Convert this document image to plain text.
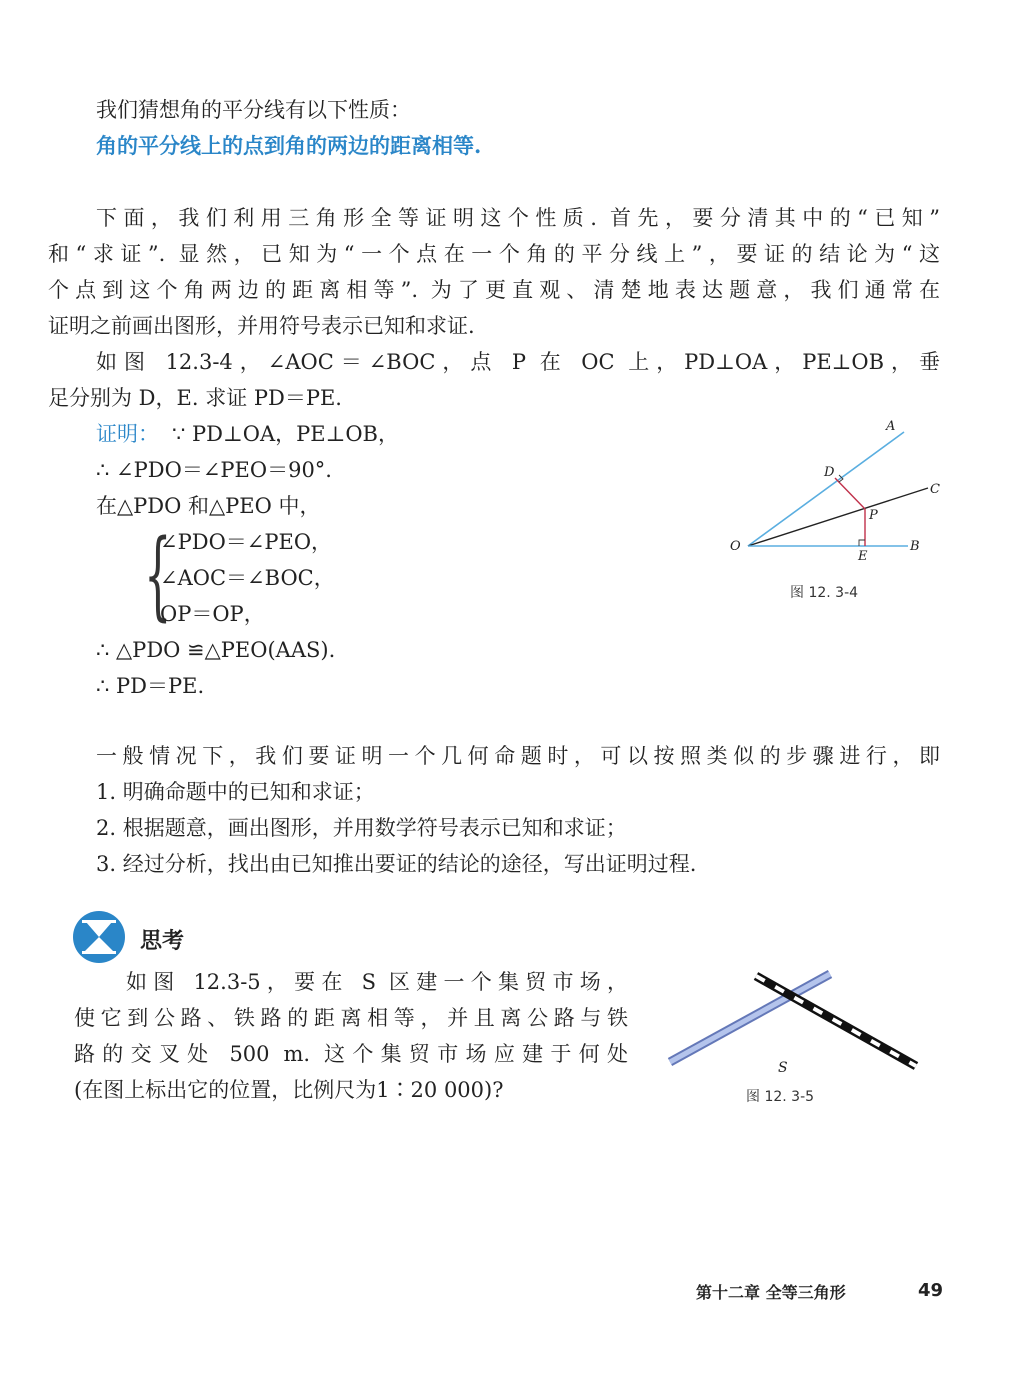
我们猜想角的平分线有以下性质：
角的平分线上的点到角的两边的距离相等.
下面，我们利用三角形全等证明这个性质. 首先，要分清其中的“已知”
和“求证”. 显然，已知为“一个点在一个角的平分线上”，要证的结论为“这
个点到这个角两边的距离相等”. 为了更直观、清楚地表达题意，我们通常在
证明之前画出图形，并用符号表示已知和求证.
如图 12.3-4，∠AOC＝∠BOC，点 P 在 OC 上，PD⊥OA，PE⊥OB，垂
足分别为 D，E. 求证 PD＝PE.
证明： ∵ PD⊥OA，PE⊥OB，
∴ ∠PDO＝∠PEO＝90°.
在△PDO 和△PEO 中，
{
∠PDO＝∠PEO，
∠AOC＝∠BOC，
OP＝OP，
∴ △PDO ≌△PEO(AAS).
∴ PD＝PE.
A
C
B
D
P
E
O
图 12. 3-4
一般情况下，我们要证明一个几何命题时，可以按照类似的步骤进行，即
1. 明确命题中的已知和求证；
2. 根据题意，画出图形，并用数学符号表示已知和求证；
3. 经过分析，找出由已知推出要证的结论的途径，写出证明过程.
思考
如图 12.3-5，要在 S 区建一个集贸市场，
使它到公路、铁路的距离相等，并且离公路与铁
路的交叉处 500 m. 这个集贸市场应建于何处
(在图上标出它的位置，比例尺为1∶20 000)?
S
图 12. 3-5
第十二章 全等三角形	49
